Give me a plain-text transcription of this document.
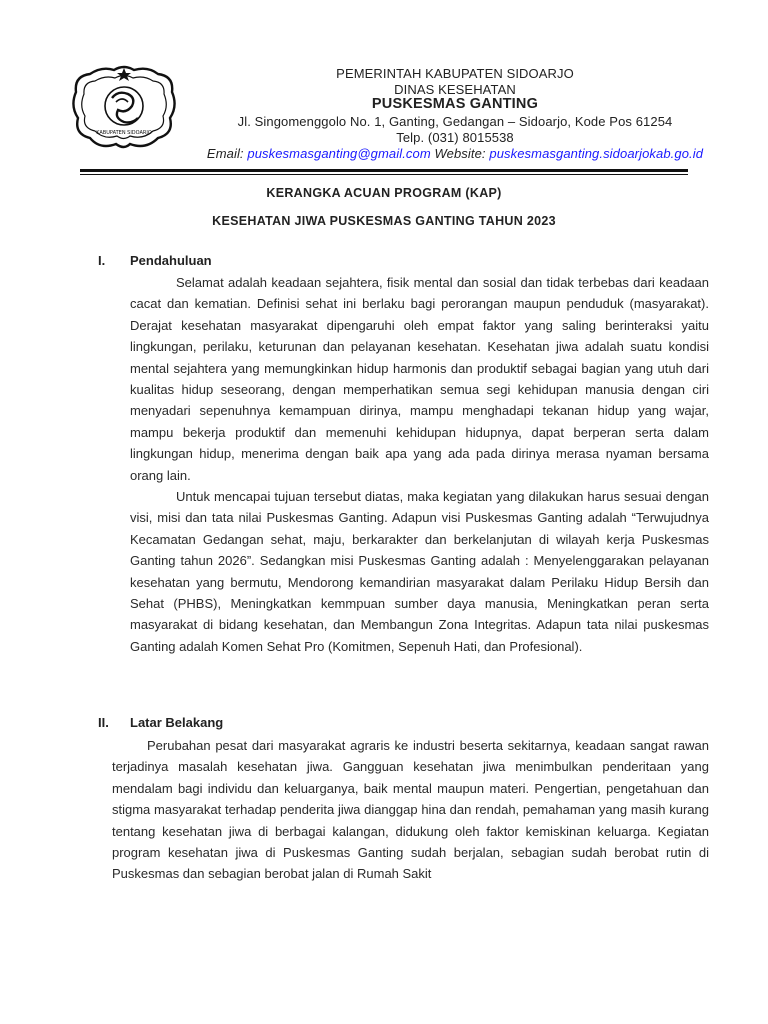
KABUPATEN SIDOARJO
PEMERINTAH KABUPATEN SIDOARJO
DINAS KESEHATAN
PUSKESMAS GANTING
Jl. Singomenggolo No. 1, Ganting, Gedangan – Sidoarjo, Kode Pos 61254
Telp. (031) 8015538
Email: puskesmasganting@gmail.com Website: puskesmasganting.sidoarjokab.go.id
KERANGKA ACUAN PROGRAM (KAP)
KESEHATAN JIWA PUSKESMAS GANTING TAHUN 2023
I. Pendahuluan

Selamat adalah keadaan sejahtera, fisik mental dan sosial dan tidak terbebas dari keadaan cacat dan kematian. Definisi sehat ini berlaku bagi perorangan maupun penduduk (masyarakat). Derajat kesehatan masyarakat dipengaruhi oleh empat faktor yang saling berinteraksi yaitu lingkungan, perilaku, keturunan dan pelayanan kesehatan. Kesehatan jiwa adalah suatu kondisi mental sejahtera yang memungkinkan hidup harmonis dan produktif sebagai bagian yang utuh dari kualitas hidup seseorang, dengan memperhatikan semua segi kehidupan manusia dengan ciri menyadari sepenuhnya kemampuan dirinya, mampu menghadapi tekanan hidup yang wajar, mampu bekerja produktif dan memenuhi kehidupan hidupnya, dapat berperan serta dalam lingkungan hidup, menerima dengan baik apa yang ada pada dirinya merasa nyaman bersama orang lain.

Untuk mencapai tujuan tersebut diatas, maka kegiatan yang dilakukan harus sesuai dengan visi, misi dan tata nilai Puskesmas Ganting. Adapun visi Puskesmas Ganting adalah “Terwujudnya Kecamatan Gedangan sehat, maju, berkarakter dan berkelanjutan di wilayah kerja Puskesmas Ganting tahun 2026”. Sedangkan misi Puskesmas Ganting adalah : Menyelenggarakan pelayanan kesehatan yang bermutu, Mendorong kemandirian masyarakat dalam Perilaku Hidup Bersih dan Sehat (PHBS), Meningkatkan kemmpuan sumber daya manusia, Meningkatkan peran serta masyarakat di bidang kesehatan, dan Membangun Zona Integritas. Adapun tata nilai puskesmas Ganting adalah Komen Sehat Pro (Komitmen, Sepenuh Hati, dan Profesional).

II. Latar Belakang

Perubahan pesat dari masyarakat agraris ke industri beserta sekitarnya, keadaan sangat rawan terjadinya masalah kesehatan jiwa. Gangguan kesehatan jiwa menimbulkan penderitaan yang mendalam bagi individu dan keluarganya, baik mental maupun materi. Pengertian, pengetahuan dan stigma masyarakat terhadap penderita jiwa dianggap hina dan rendah, pemahaman yang masih kurang tentang kesehatan jiwa di berbagai kalangan, didukung oleh faktor kemiskinan keluarga. Kegiatan program kesehatan jiwa di Puskesmas Ganting sudah berjalan, sebagian sudah berobat rutin di Puskesmas dan sebagian berobat jalan di Rumah Sakit
